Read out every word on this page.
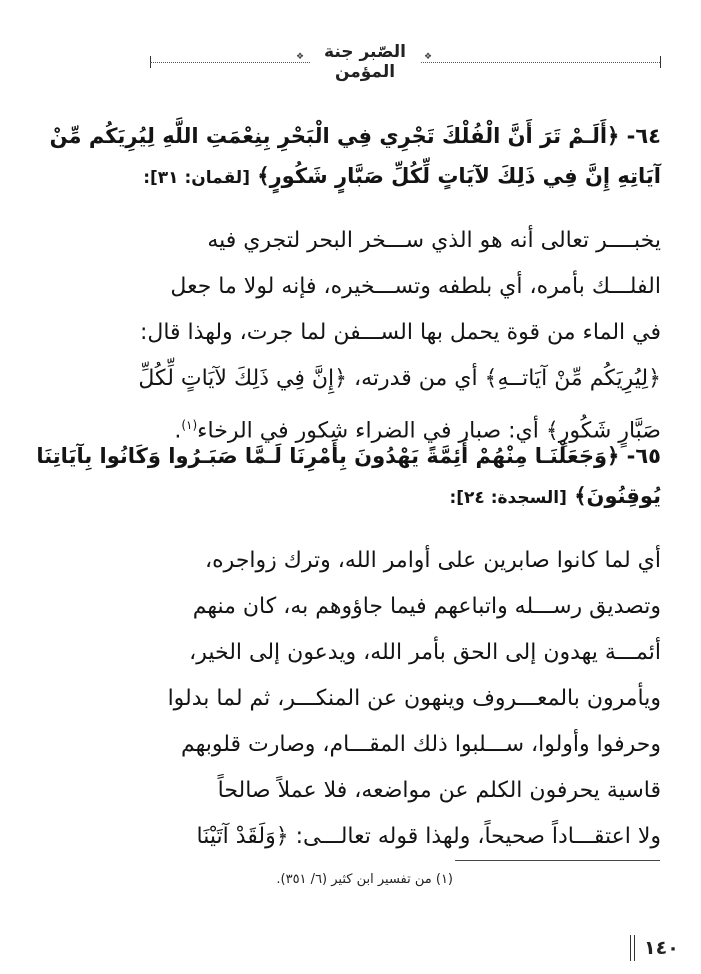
❖	❖
الصّبر جنة المؤمن
٦٤- ﴿أَلَـمْ تَرَ أَنَّ الْفُلْكَ تَجْرِي فِي الْبَحْرِ بِنِعْمَتِ اللَّهِ لِيُرِيَكُم مِّنْ
آيَاتِهِ إِنَّ فِي ذَلِكَ لآيَاتٍ لِّكُلِّ صَبَّارٍ شَكُورٍ﴾ [لقمان: ٣١]:
يخبــــر تعالى أنه هو الذي ســـخر البحر لتجري فيه
الفلـــك بأمره، أي بلطفه وتســـخيره، فإنه لولا ما جعل
في الماء من قوة يحمل بها الســـفن لما جرت، ولهذا قال:
﴿لِيُرِيَكُم مِّنْ آيَاتــهِ﴾ أي من قدرته، ﴿إِنَّ فِي ذَلِكَ لآيَاتٍ لِّكُلِّ
صَبَّارٍ شَكُورٍ﴾ أي: صبار في الضراء شكور في الرخاء$^{(١)}$.
٦٥- ﴿وَجَعَلْنَـا مِنْهُمْ أَئِمَّةً يَهْدُونَ بِأَمْرِنَا لَـمَّا صَبَـرُوا وَكَانُوا بِآيَاتِنَا
يُوقِنُونَ﴾ [السجدة: ٢٤]:
أي لما كانوا صابرين على أوامر الله، وترك زواجره،
وتصديق رســـله واتباعهم فيما جاؤوهم به، كان منهم
أئمـــة يهدون إلى الحق بأمر الله، ويدعون إلى الخير،
ويأمرون بالمعـــروف وينهون عن المنكـــر، ثم لما بدلوا
وحرفوا وأولوا، ســـلبوا ذلك المقـــام، وصارت قلوبهم
قاسية يحرفون الكلم عن مواضعه، فلا عملاً صالحاً
ولا اعتقـــاداً صحيحاً، ولهذا قوله تعالـــى: ﴿وَلَقَدْ آتَيْنَا
(١) من تفسير ابن كثير (٦/ ٣٥١).
١٤٠
